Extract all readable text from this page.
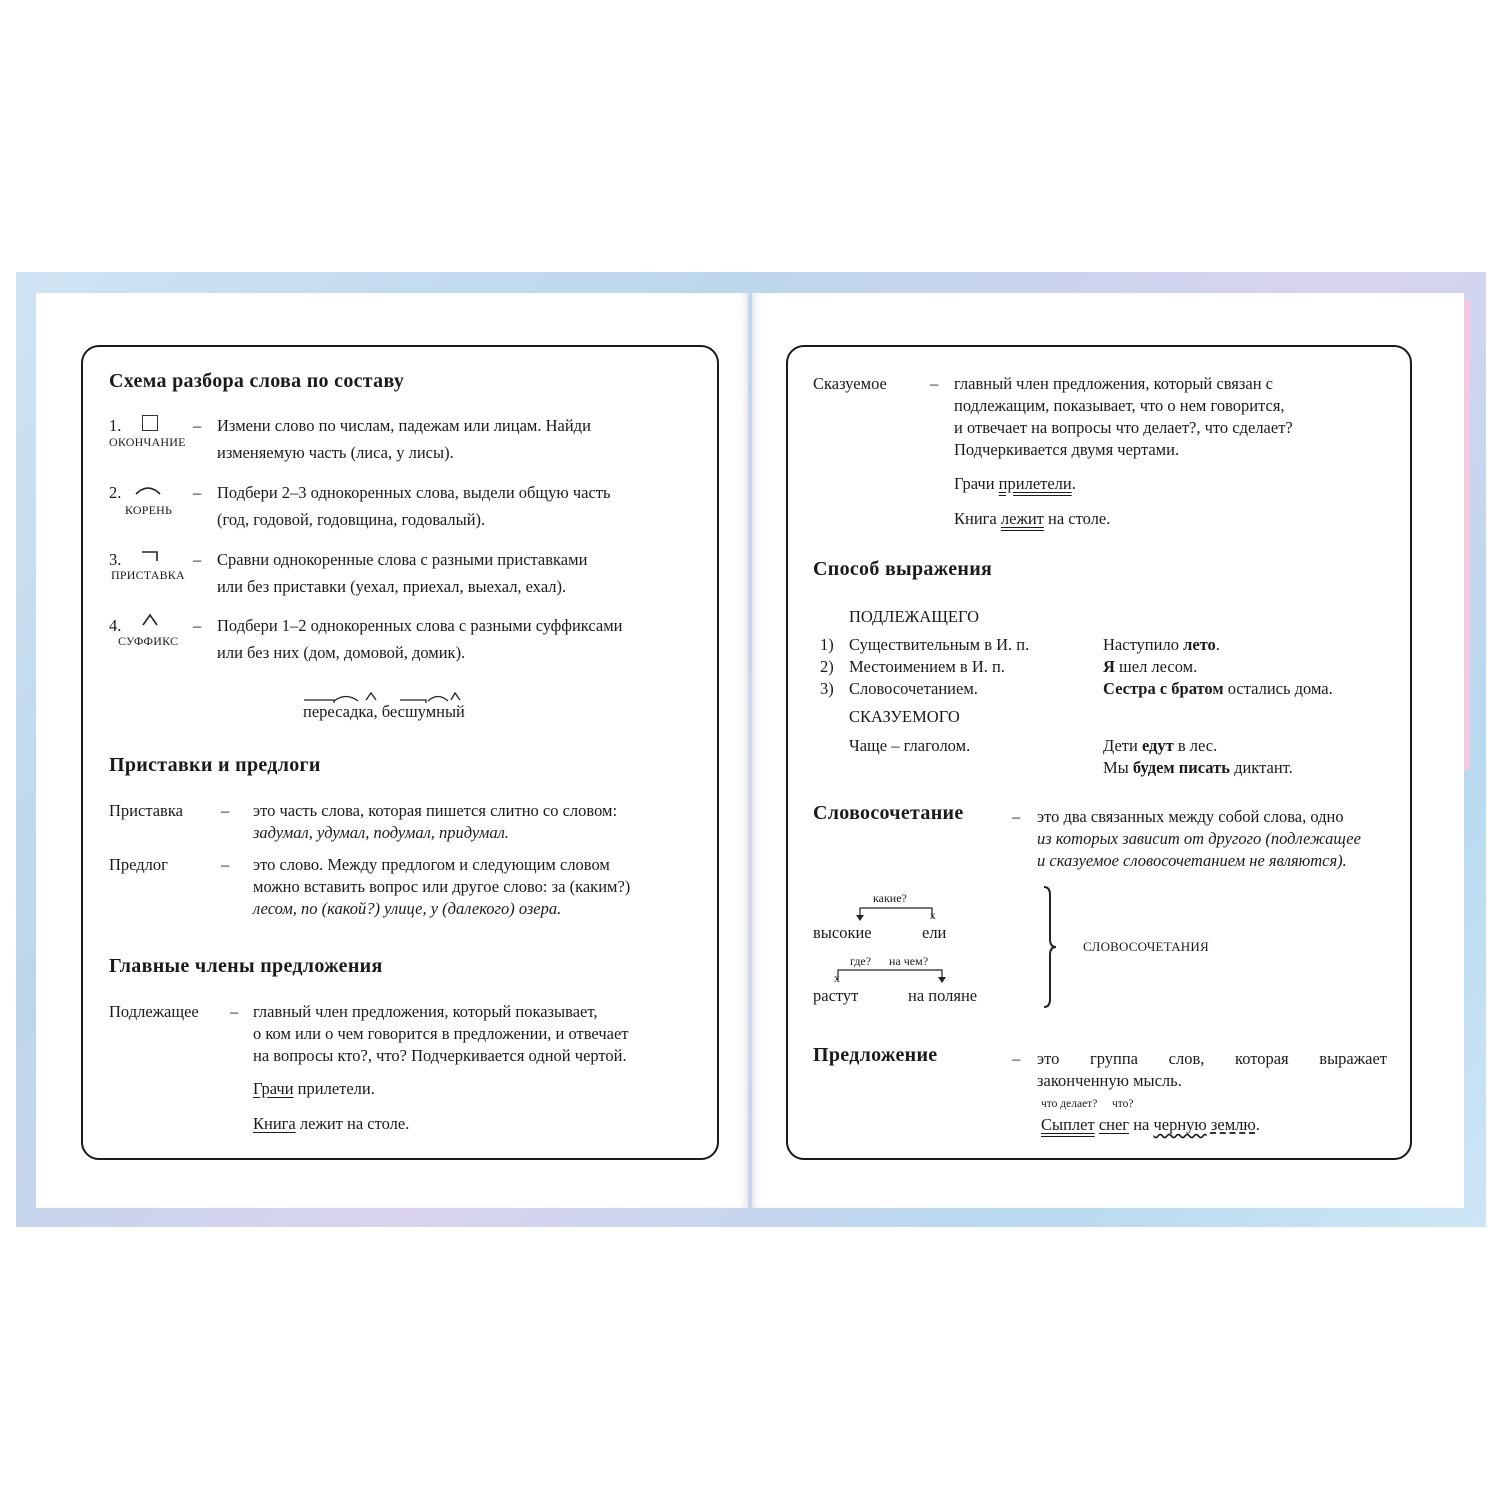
Схема разбора слова по составу
1.
ОКОНЧАНИЕ
– Измени слово по числам, падежам или лицам. Найди
изменяемую часть (лиса, у лисы).
2.
КОРЕНЬ
– Подбери 2–3 однокоренных слова, выдели общую часть
(год, годовой, годовщина, годовалый).
3.
ПРИСТАВКА
– Сравни однокоренные слова с разными приставками
или без приставки (уехал, приехал, выехал, ехал).
4.
СУФФИКС
– Подбери 1–2 однокоренных слова с разными суффиксами
или без них (дом, домовой, домик).
пересадка, бесшумный
Приставки и предлоги
Приставка – это часть слова, которая пишется слитно со словом:
задумал, удумал, подумал, придумал.
Предлог	– это слово. Между предлогом и следующим словом
можно вставить вопрос или другое слово: за (каким?)
лесом, по (какой?) улице, у (далекого) озера.
Главные члены предложения
Подлежащее – главный член предложения, который показывает,
о ком или о чем говорится в предложении, и отвечает
на вопросы кто?, что? Подчеркивается одной чертой.
Грачи прилетели.
Книга лежит на столе.
Сказуемое	– главный член предложения, который связан с
подлежащим, показывает, что о нем говорится,
и отвечает на вопросы что делает?, что сделает?
Подчеркивается двумя чертами.
Грачи прилетели.
Книга лежит на столе.
Способ выражения
ПОДЛЕЖАЩЕГО
1) Существительным в И. п.	Наступило лето.
2) Местоимением в И. п.	Я шел лесом.
3) Словосочетанием.	Сестра с братом остались дома.
СКАЗУЕМОГО
Чаще – глаголом.	Дети едут в лес.
Мы будем писать диктант.
Словосочетание	– это два связанных между собой слова, одно
из которых зависит от другого (подлежащее
и сказуемое словосочетанием не являются).
какие?
x
высокие	ели
где? на чем?
x
растут	на поляне
СЛОВОСОЧЕТАНИЯ
Предложение	– это группа слов, которая выражает
законченную мысль.
что делает? что?
Сыплет снег на черную землю.
